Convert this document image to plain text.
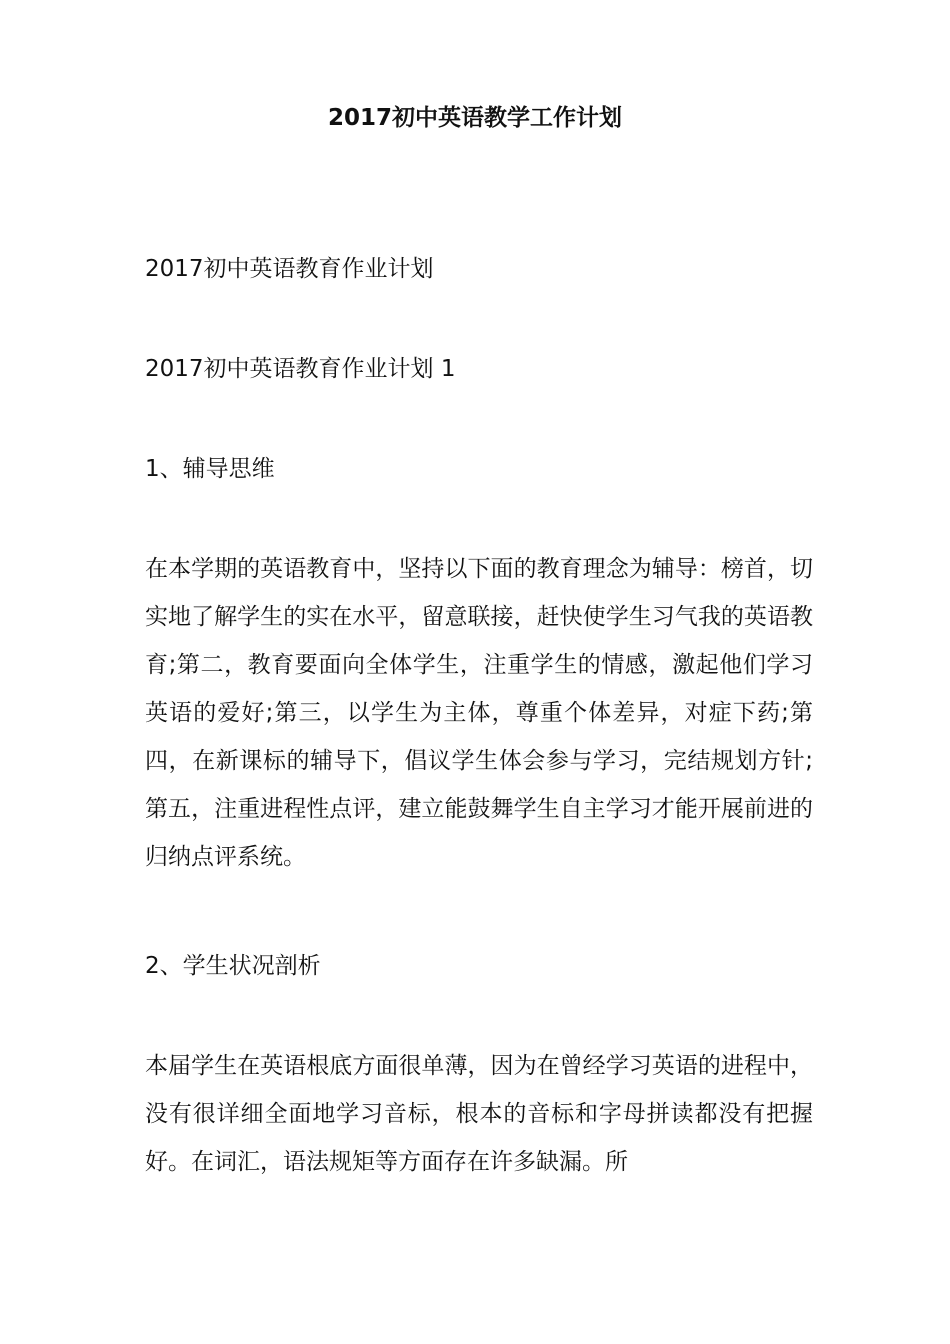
2017初中英语教学工作计划

2017初中英语教育作业计划

2017初中英语教育作业计划 1

1、辅导思维

在本学期的英语教育中，坚持以下面的教育理念为辅导：榜首，切实地了解学生的实在水平，留意联接，赶快使学生习气我的英语教育;第二，教育要面向全体学生，注重学生的情感，激起他们学习英语的爱好;第三，以学生为主体，尊重个体差异，对症下药;第四，在新课标的辅导下，倡议学生体会参与学习，完结规划方针;第五，注重进程性点评，建立能鼓舞学生自主学习才能开展前进的归纳点评系统。

2、学生状况剖析

本届学生在英语根底方面很单薄，因为在曾经学习英语的进程中，没有很详细全面地学习音标，根本的音标和字母拼读都没有把握好。在词汇，语法规矩等方面存在许多缺漏。所
